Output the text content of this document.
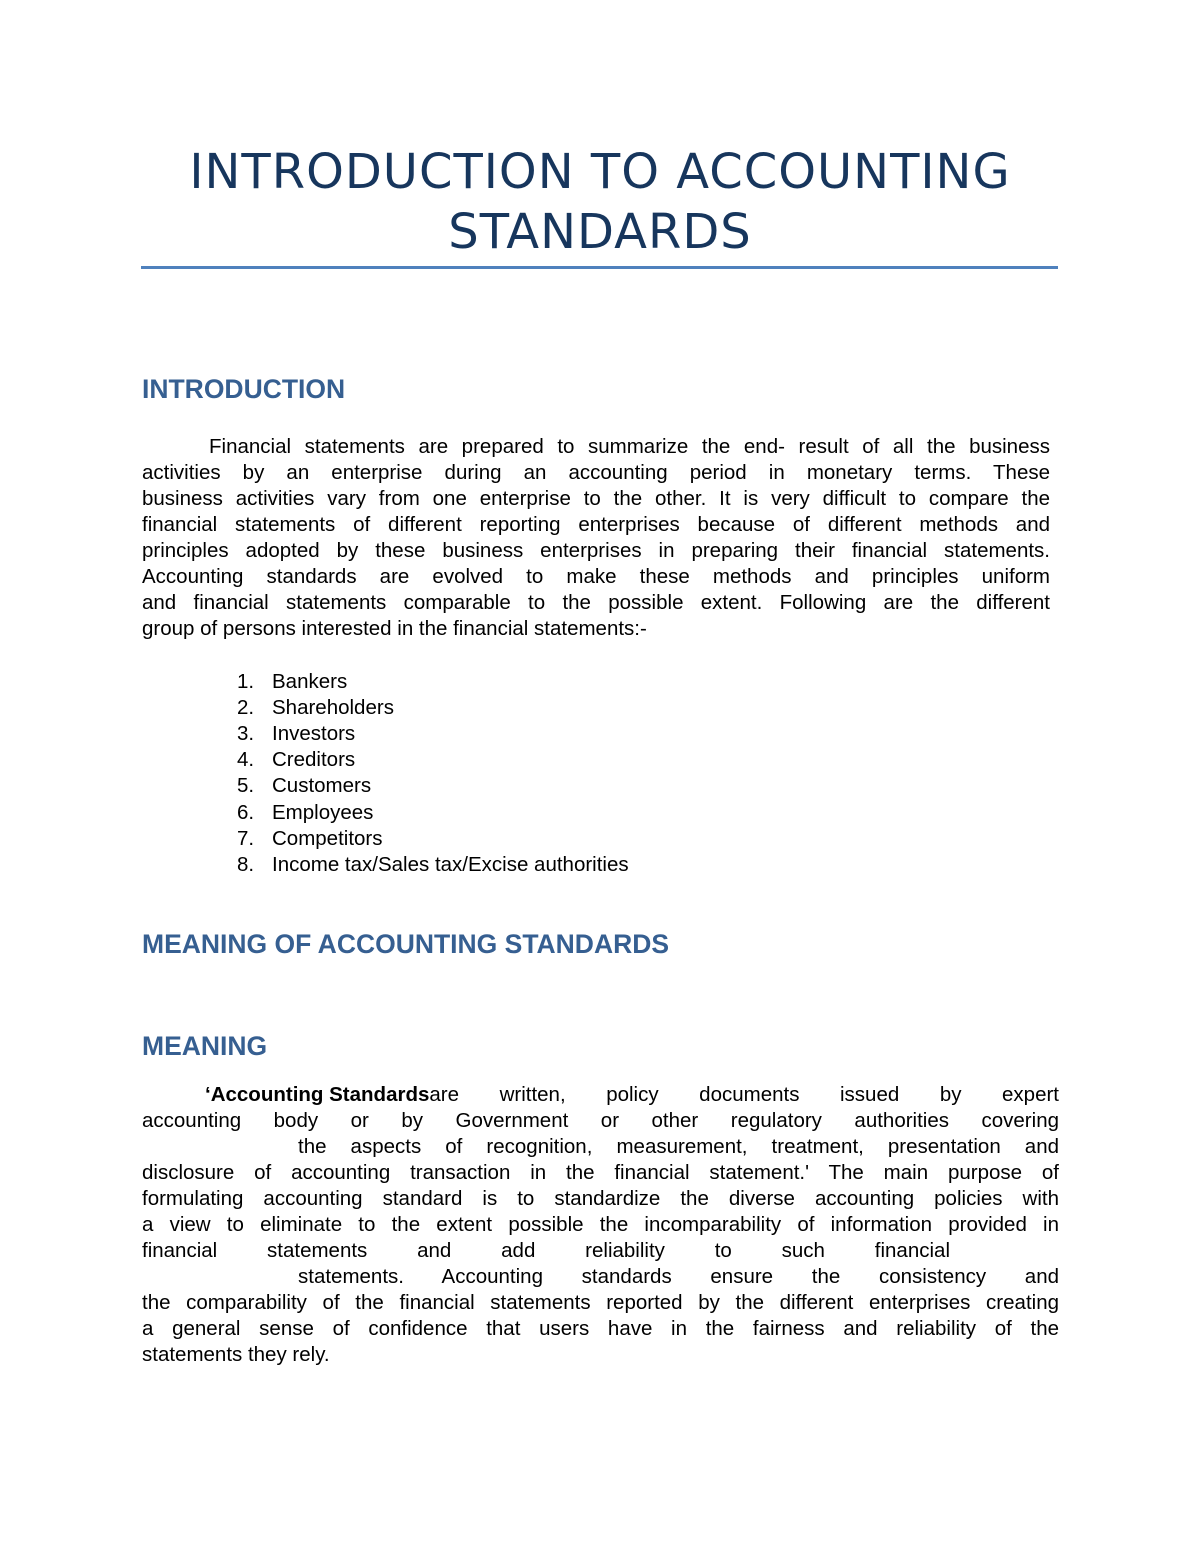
INTRODUCTION TO ACCOUNTING
STANDARDS
INTRODUCTION
Financial statements are prepared to summarize the end- result of all the business
activities by an enterprise during an accounting period in monetary terms. These
business activities vary from one enterprise to the other. It is very difficult to compare the
financial statements of different reporting enterprises because of different methods and
principles adopted by these business enterprises in preparing their financial statements.
Accounting standards are evolved to make these methods and principles uniform
and financial statements comparable to the possible extent. Following are the different
group of persons interested in the financial statements:-
1. Bankers
2. Shareholders
3. Investors
4. Creditors
5. Customers
6. Employees
7. Competitors
8. Income tax/Sales tax/Excise authorities
MEANING OF ACCOUNTING STANDARDS
MEANING
‘Accounting Standards are written, policy documents issued by expert
accounting body or by Government or other regulatory authorities covering
the aspects of recognition, measurement, treatment, presentation and
disclosure of accounting transaction in the financial statement.' The main purpose of
formulating accounting standard is to standardize the diverse accounting policies with
a view to eliminate to the extent possible the incomparability of information provided in
financial statements and add reliability to such financial
statements. Accounting standards ensure the consistency and
the comparability of the financial statements reported by the different enterprises creating
a general sense of confidence that users have in the fairness and reliability of the
statements they rely.
